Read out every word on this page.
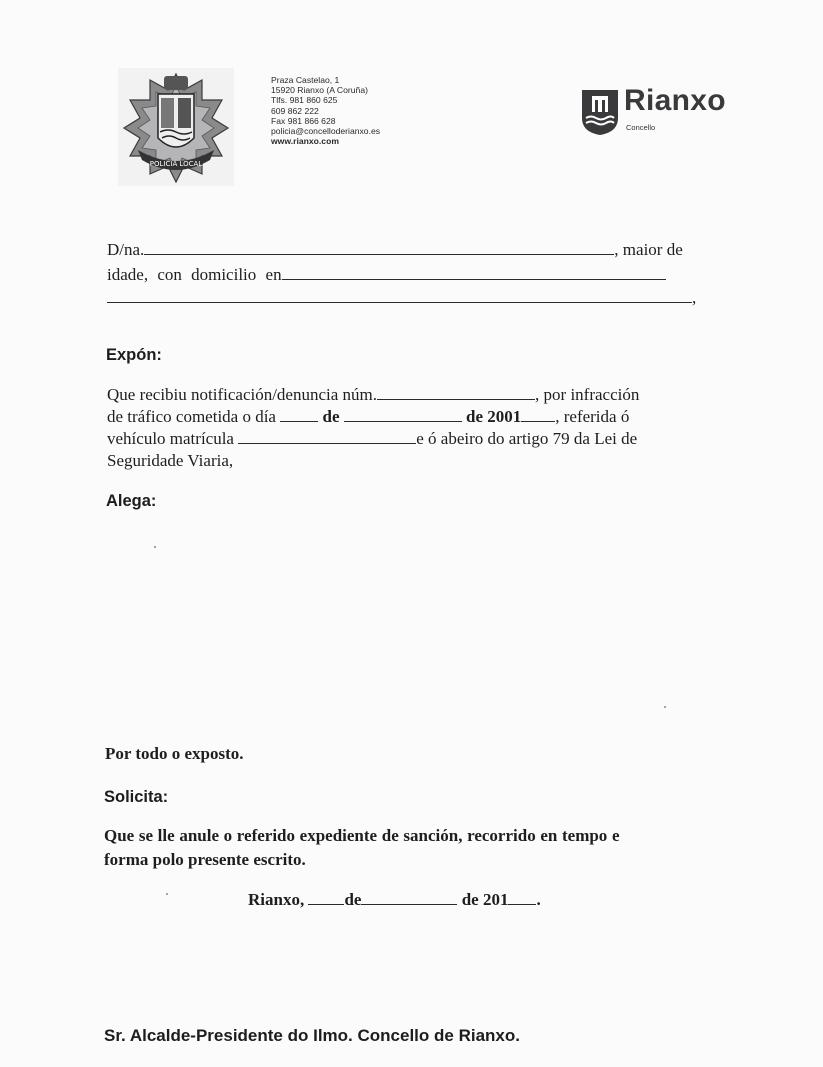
POLICIA LOCAL
Praza Castelao, 1
15920 Rianxo (A Coruña)
Tlfs. 981 860 625
609 862 222
Fax 981 866 628
policia@concelloderianxo.es
www.rianxo.com
Rianxo
Concello
D/na.	, maior de
idade, con domicilio en
,
Expón:
Que recibiu notificación/denuncia núm.	, por infracción
de tráfico cometida o día	de	de 2001 , referida ó
vehículo matrícula	e ó abeiro do artigo 79 da Lei de
Seguridade Viaria,
Alega:
Por todo o exposto.
Solicita:
Que se lle anule o referido expediente de sanción, recorrido en tempo e
forma polo presente escrito.
Rianxo, de	de 201 .
Sr. Alcalde-Presidente do Ilmo. Concello de Rianxo.
